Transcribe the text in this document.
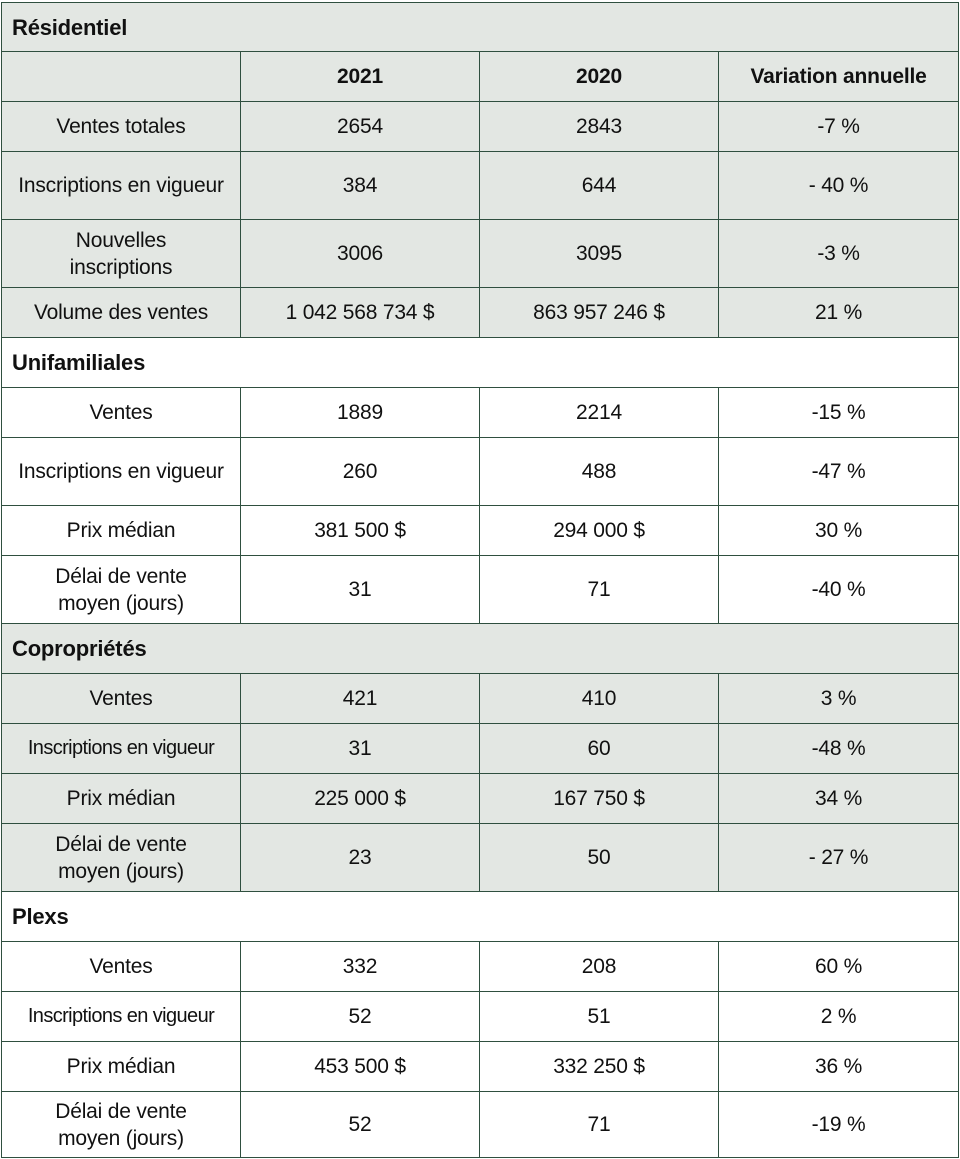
Résidentiel			
	2021	2020	Variation annuelle
Ventes totales	2654	2843	-7 %
Inscriptions en vigueur	384	644	- 40 %
Nouvelles inscriptions	3006	3095	-3 %
Volume des ventes	1 042 568 734 $	863 957 246 $	21 %
Unifamiliales			
Ventes	1889	2214	-15 %
Inscriptions en vigueur	260	488	-47 %
Prix médian	381 500 $	294 000 $	30 %
Délai de vente moyen (jours)	31	71	-40 %
Copropriétés			
Ventes	421	410	3 %
Inscriptions en vigueur	31	60	-48 %
Prix médian	225 000 $	167 750 $	34 %
Délai de vente moyen (jours)	23	50	- 27 %
Plexs			
Ventes	332	208	60 %
Inscriptions en vigueur	52	51	2 %
Prix médian	453 500 $	332 250 $	36 %
Délai de vente moyen (jours)	52	71	-19 %
